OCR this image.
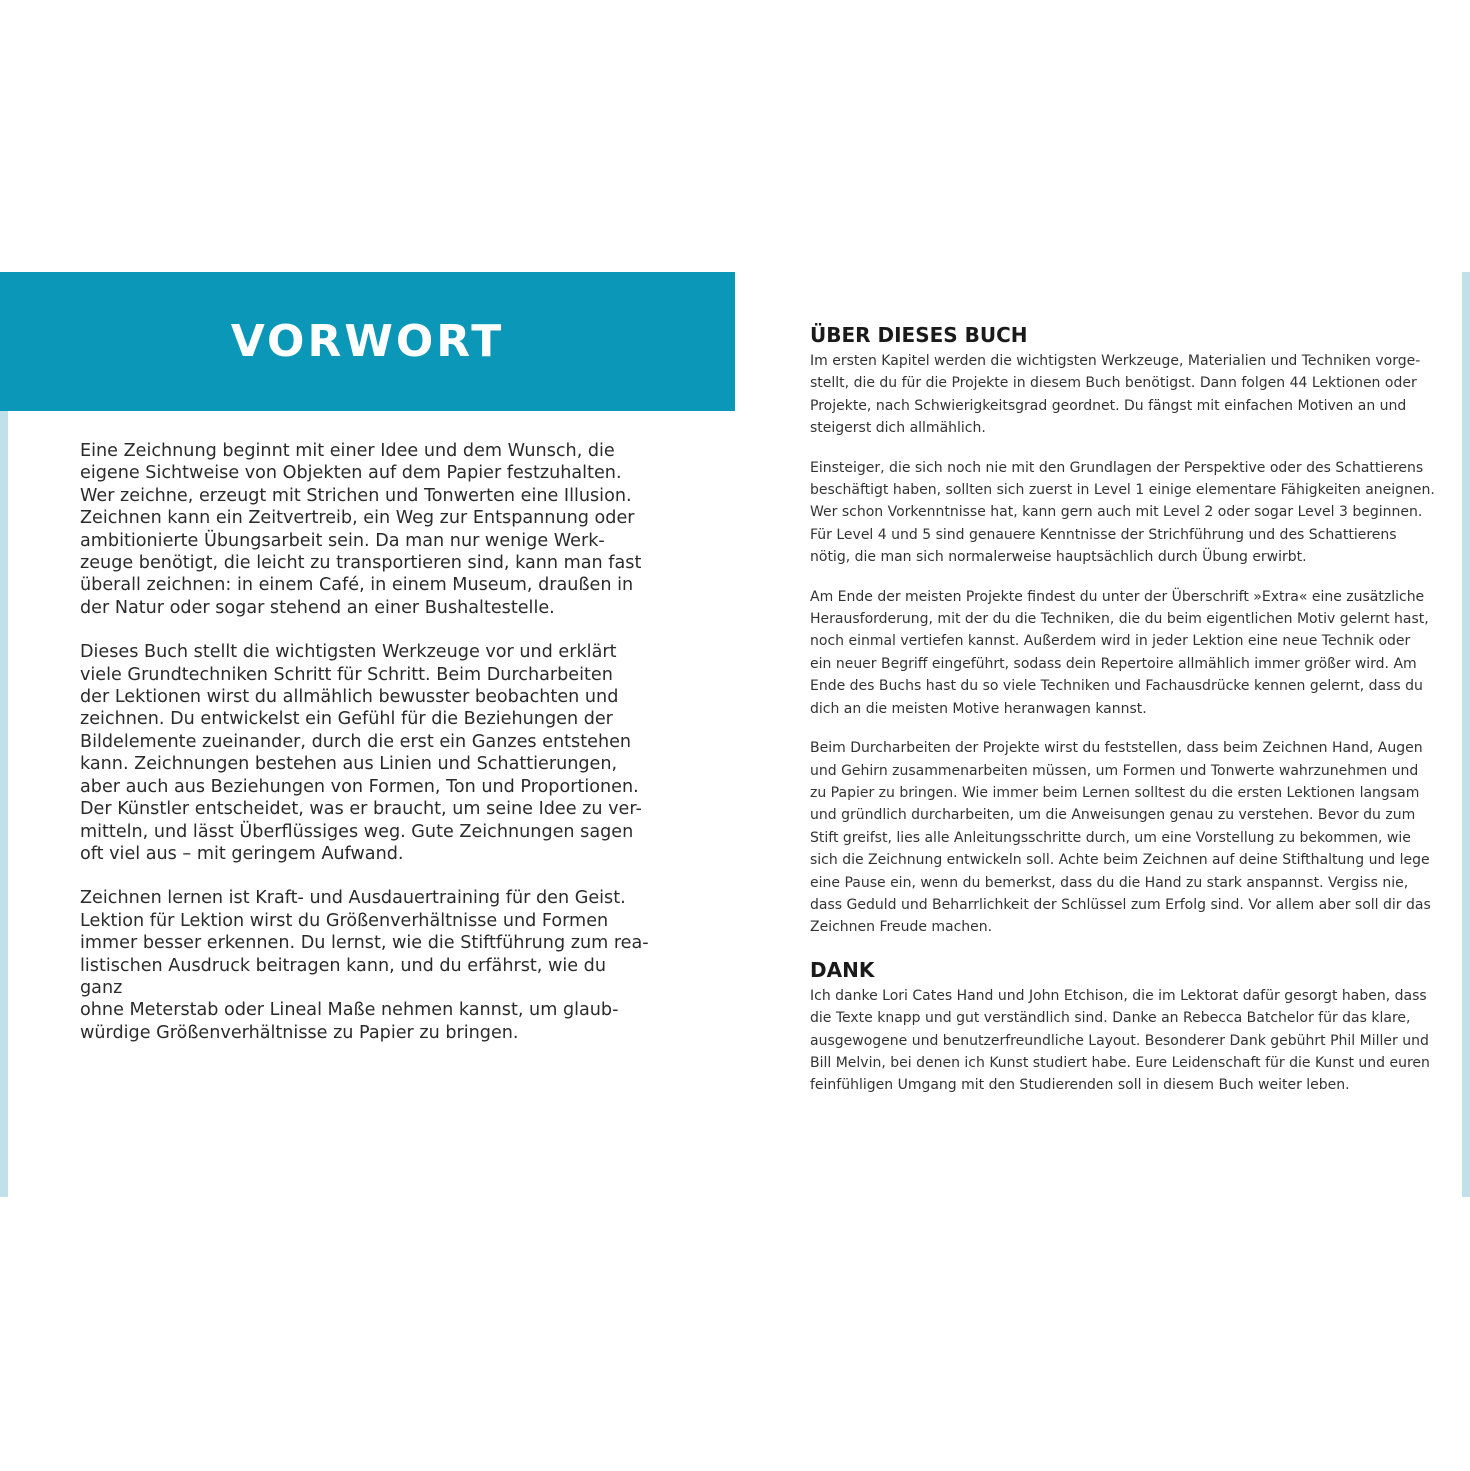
VORWORT

Eine Zeichnung beginnt mit einer Idee und dem Wunsch, die
eigene Sichtweise von Objekten auf dem Papier festzuhalten.
Wer zeichne, erzeugt mit Strichen und Tonwerten eine Illusion.
Zeichnen kann ein Zeitvertreib, ein Weg zur Entspannung oder
ambitionierte Übungsarbeit sein. Da man nur wenige Werk-
zeuge benötigt, die leicht zu transportieren sind, kann man fast
überall zeichnen: in einem Café, in einem Museum, draußen in
der Natur oder sogar stehend an einer Bushaltestelle.

Dieses Buch stellt die wichtigsten Werkzeuge vor und erklärt
viele Grundtechniken Schritt für Schritt. Beim Durcharbeiten
der Lektionen wirst du allmählich bewusster beobachten und
zeichnen. Du entwickelst ein Gefühl für die Beziehungen der
Bildelemente zueinander, durch die erst ein Ganzes entstehen
kann. Zeichnungen bestehen aus Linien und Schattierungen,
aber auch aus Beziehungen von Formen, Ton und Proportionen.
Der Künstler entscheidet, was er braucht, um seine Idee zu ver-
mitteln, und lässt Überflüssiges weg. Gute Zeichnungen sagen
oft viel aus – mit geringem Aufwand.

Zeichnen lernen ist Kraft- und Ausdauertraining für den Geist.
Lektion für Lektion wirst du Größenverhältnisse und Formen
immer besser erkennen. Du lernst, wie die Stiftführung zum rea-
listischen Ausdruck beitragen kann, und du erfährst, wie du ganz
ohne Meterstab oder Lineal Maße nehmen kannst, um glaub-
würdige Größenverhältnisse zu Papier zu bringen.

ÜBER DIESES BUCH

Im ersten Kapitel werden die wichtigsten Werkzeuge, Materialien und Techniken vorge-
stellt, die du für die Projekte in diesem Buch benötigst. Dann folgen 44 Lektionen oder
Projekte, nach Schwierigkeitsgrad geordnet. Du fängst mit einfachen Motiven an und
steigerst dich allmählich.

Einsteiger, die sich noch nie mit den Grundlagen der Perspektive oder des Schattierens
beschäftigt haben, sollten sich zuerst in Level 1 einige elementare Fähigkeiten aneignen.
Wer schon Vorkenntnisse hat, kann gern auch mit Level 2 oder sogar Level 3 beginnen.
Für Level 4 und 5 sind genauere Kenntnisse der Strichführung und des Schattierens
nötig, die man sich normalerweise hauptsächlich durch Übung erwirbt.

Am Ende der meisten Projekte findest du unter der Überschrift »Extra« eine zusätzliche
Herausforderung, mit der du die Techniken, die du beim eigentlichen Motiv gelernt hast,
noch einmal vertiefen kannst. Außerdem wird in jeder Lektion eine neue Technik oder
ein neuer Begriff eingeführt, sodass dein Repertoire allmählich immer größer wird. Am
Ende des Buchs hast du so viele Techniken und Fachausdrücke kennen gelernt, dass du
dich an die meisten Motive heranwagen kannst.

Beim Durcharbeiten der Projekte wirst du feststellen, dass beim Zeichnen Hand, Augen
und Gehirn zusammenarbeiten müssen, um Formen und Tonwerte wahrzunehmen und
zu Papier zu bringen. Wie immer beim Lernen solltest du die ersten Lektionen langsam
und gründlich durcharbeiten, um die Anweisungen genau zu verstehen. Bevor du zum
Stift greifst, lies alle Anleitungsschritte durch, um eine Vorstellung zu bekommen, wie
sich die Zeichnung entwickeln soll. Achte beim Zeichnen auf deine Stifthaltung und lege
eine Pause ein, wenn du bemerkst, dass du die Hand zu stark anspannst. Vergiss nie,
dass Geduld und Beharrlichkeit der Schlüssel zum Erfolg sind. Vor allem aber soll dir das
Zeichnen Freude machen.

DANK

Ich danke Lori Cates Hand und John Etchison, die im Lektorat dafür gesorgt haben, dass
die Texte knapp und gut verständlich sind. Danke an Rebecca Batchelor für das klare,
ausgewogene und benutzerfreundliche Layout. Besonderer Dank gebührt Phil Miller und
Bill Melvin, bei denen ich Kunst studiert habe. Eure Leidenschaft für die Kunst und euren
feinfühligen Umgang mit den Studierenden soll in diesem Buch weiter leben.
